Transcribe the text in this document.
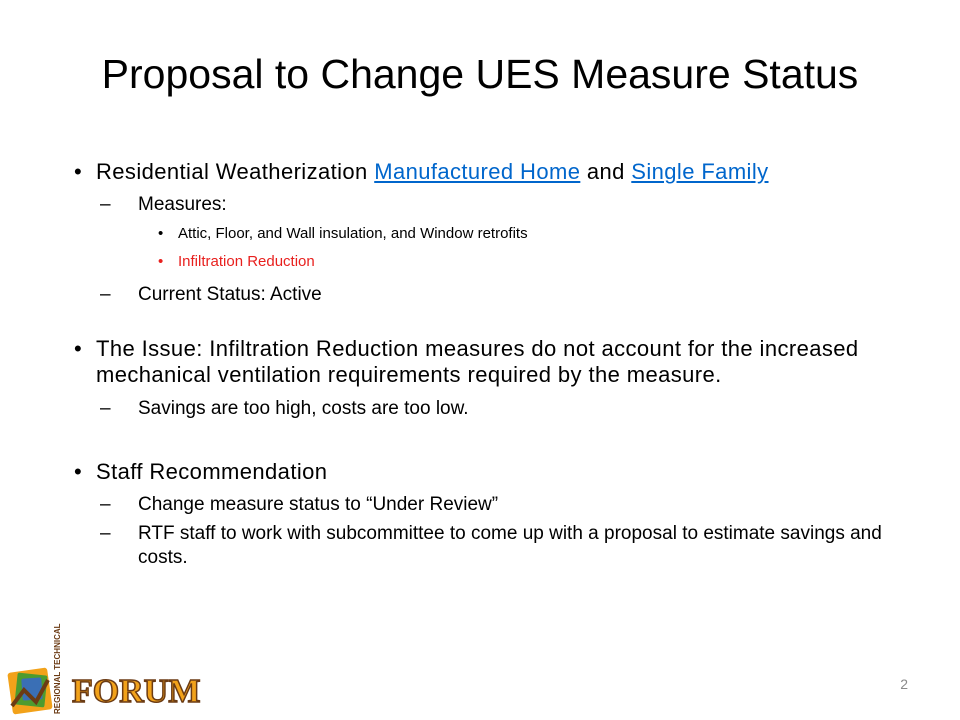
Proposal to Change UES Measure Status
• Residential Weatherization Manufactured Home and Single Family
– Measures:
• Attic, Floor, and Wall insulation, and Window retrofits
• Infiltration Reduction
– Current Status: Active
• The Issue: Infiltration Reduction measures do not account for the increased mechanical ventilation requirements required by the measure.
– Savings are too high, costs are too low.
• Staff Recommendation
– Change measure status to “Under Review”
– RTF staff to work with subcommittee to come up with a proposal to estimate savings and costs.
REGIONAL TECHNICAL FORUM	2
